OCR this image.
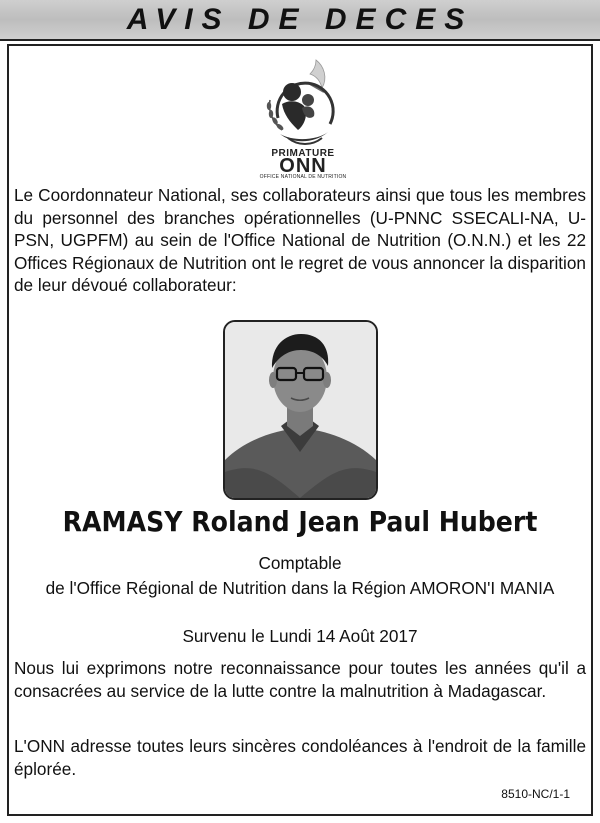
AVIS DE DECES
PRIMATURE
ONN
OFFICE NATIONAL DE NUTRITION

Le Coordonnateur National, ses collaborateurs ainsi que tous les membres du personnel des branches opérationnelles (U-PNNC SSECALI-NA, U-PSN, UGPFM) au sein de l'Office National de Nutrition (O.N.N.) et les 22 Offices Régionaux de Nutrition ont le regret de vous annoncer la disparition de leur dévoué collaborateur:

RAMASY Roland Jean Paul Hubert
Comptable
de l'Office Régional de Nutrition dans la Région AMORON'I MANIA
Survenu le Lundi 14 Août 2017

Nous lui exprimons notre reconnaissance pour toutes les années qu'il a consacrées au service de la lutte contre la malnutrition à Madagascar.

L'ONN adresse toutes leurs sincères condoléances à l'endroit de la famille éplorée.

8510-NC/1-1
